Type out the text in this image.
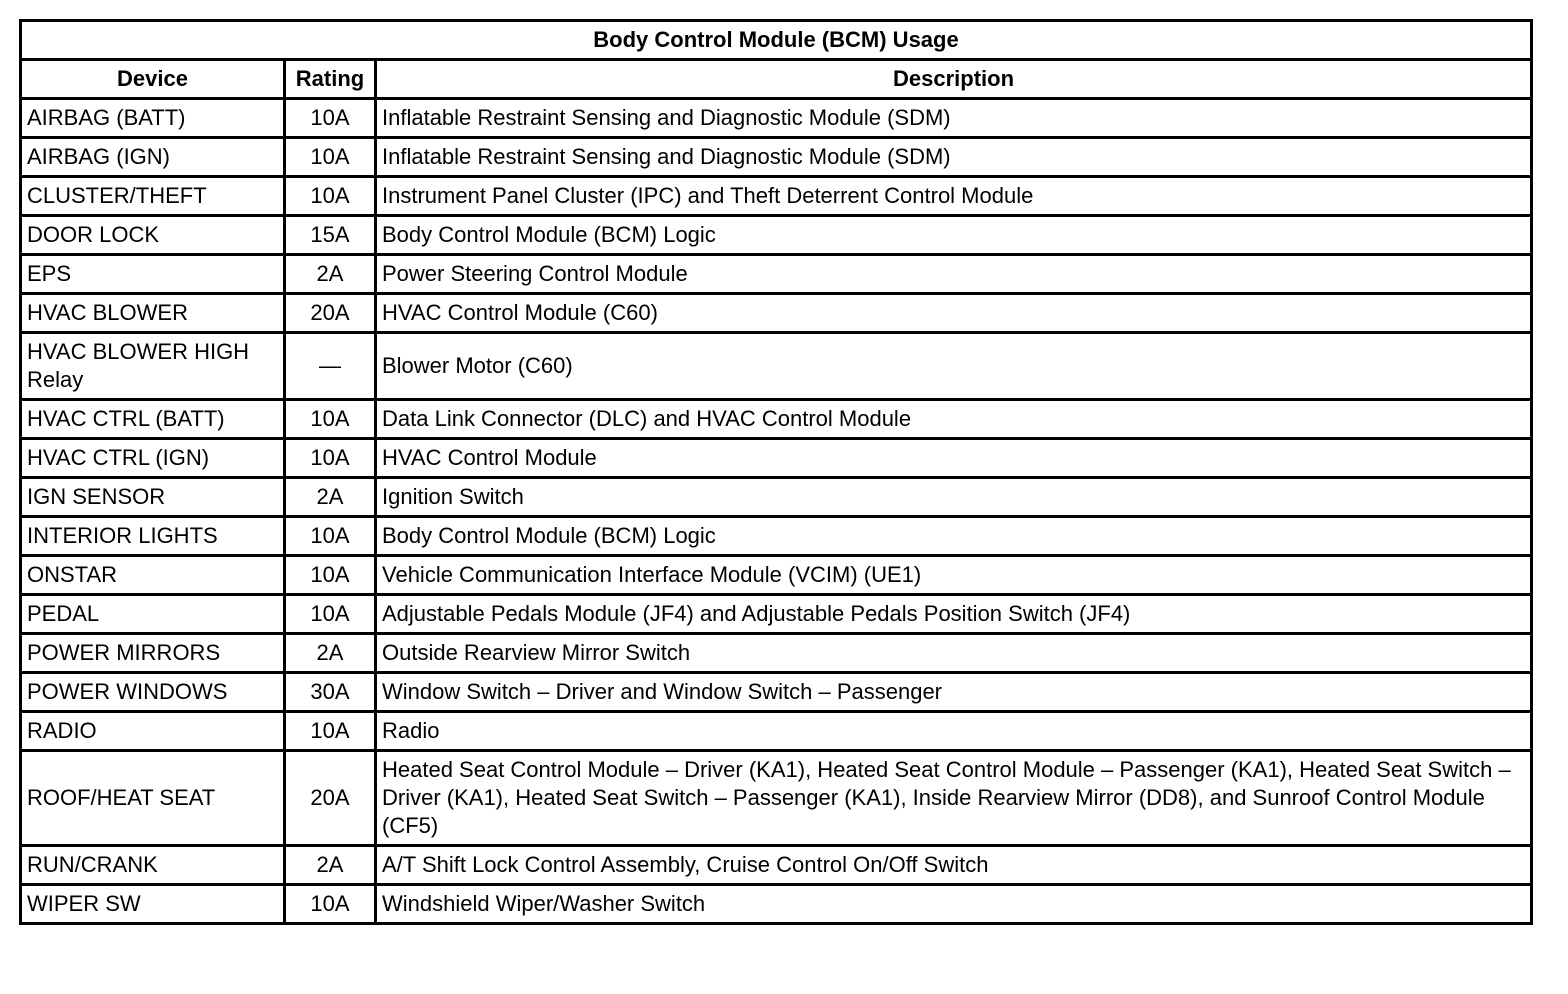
Body Control Module (BCM) Usage		
Device	Rating	Description
AIRBAG (BATT)	10A	Inflatable Restraint Sensing and Diagnostic Module (SDM)
AIRBAG (IGN)	10A	Inflatable Restraint Sensing and Diagnostic Module (SDM)
CLUSTER/THEFT	10A	Instrument Panel Cluster (IPC) and Theft Deterrent Control Module
DOOR LOCK	15A	Body Control Module (BCM) Logic
EPS	2A	Power Steering Control Module
HVAC BLOWER	20A	HVAC Control Module (C60)
HVAC BLOWER HIGH Relay	—	Blower Motor (C60)
HVAC CTRL (BATT)	10A	Data Link Connector (DLC) and HVAC Control Module
HVAC CTRL (IGN)	10A	HVAC Control Module
IGN SENSOR	2A	Ignition Switch
INTERIOR LIGHTS	10A	Body Control Module (BCM) Logic
ONSTAR	10A	Vehicle Communication Interface Module (VCIM) (UE1)
PEDAL	10A	Adjustable Pedals Module (JF4) and Adjustable Pedals Position Switch (JF4)
POWER MIRRORS	2A	Outside Rearview Mirror Switch
POWER WINDOWS	30A	Window Switch – Driver and Window Switch – Passenger
RADIO	10A	Radio
ROOF/HEAT SEAT	20A	Heated Seat Control Module – Driver (KA1), Heated Seat Control Module – Passenger (KA1), Heated Seat Switch – Driver (KA1), Heated Seat Switch – Passenger (KA1), Inside Rearview Mirror (DD8), and Sunroof Control Module (CF5)
RUN/CRANK	2A	A/T Shift Lock Control Assembly, Cruise Control On/Off Switch
WIPER SW	10A	Windshield Wiper/Washer Switch
